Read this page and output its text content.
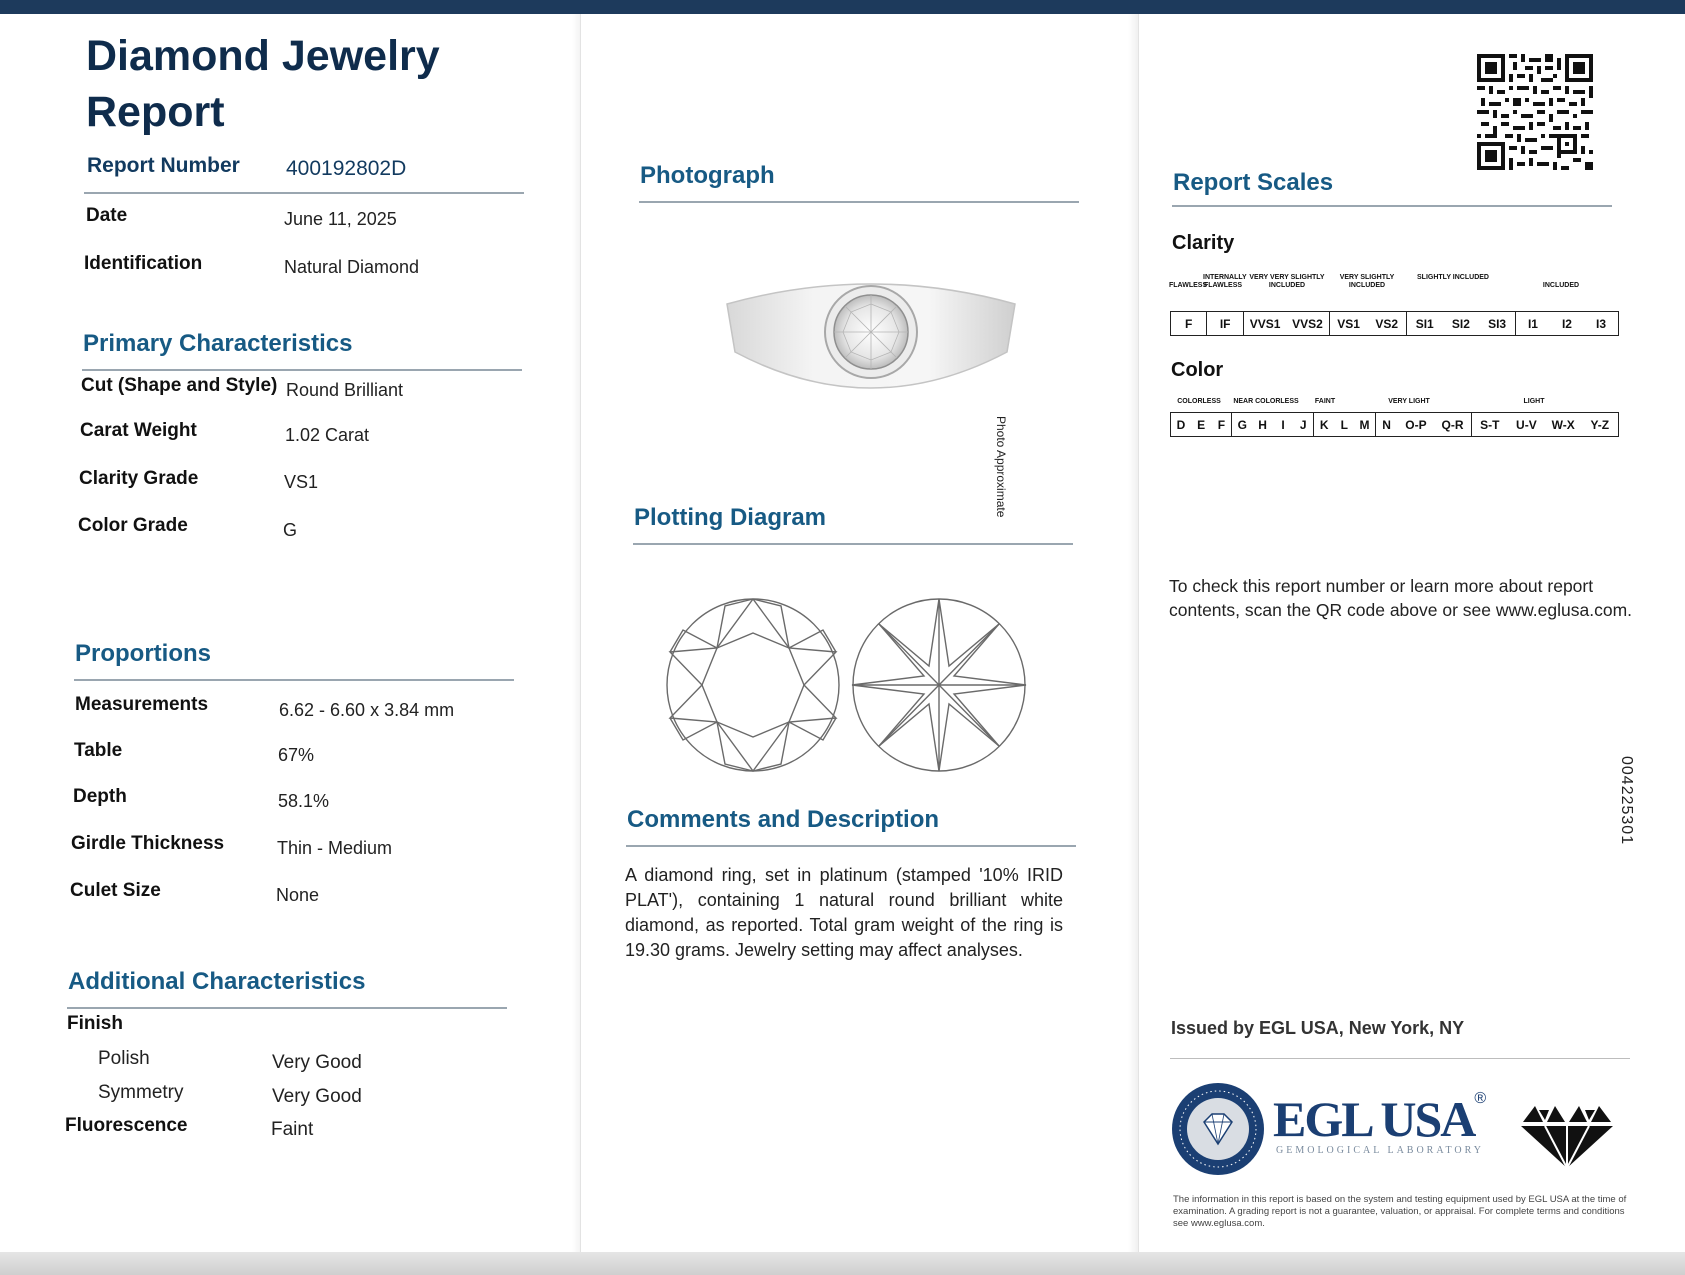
Diamond Jewelry
Report
Report Number 400192802D
Date	June 11, 2025
Identification	Natural Diamond
Primary Characteristics
Cut (Shape and Style) Round Brilliant
Carat Weight	1.02 Carat
Clarity Grade	VS1
Color Grade	G
Proportions
Measurements	6.62 - 6.60 x 3.84 mm
Table	67%
Depth	58.1%
Girdle Thickness	Thin - Medium
Culet Size	None
Additional Characteristics
Finish
Polish	Very Good
Symmetry	Very Good
Fluorescence	Faint
Photograph
Photo Approximate
Plotting Diagram
Comments and Description
A diamond ring, set in platinum (stamped '10% IRID PLAT'), containing 1 natural round brilliant white diamond, as reported. Total gram weight of the ring is 19.30 grams. Jewelry setting may affect analyses.
Report Scales
Clarity
FLAWLESS
INTERNALLY FLAWLESS
VERY VERY SLIGHTLY INCLUDED
VERY SLIGHTLY INCLUDED
SLIGHTLY INCLUDED
INCLUDED
F	IF	VVS1	VVS2	VS1	VS2	SI1	SI2	SI3	I1	I2	I3
Color
COLORLESS	NEAR COLORLESS	FAINT	VERY LIGHT	LIGHT
D	E	F	G	H	I	J	K	L	M	N	O-P	Q-R	S-T	U-V	W-X	Y-Z
To check this report number or learn more about report contents, scan the QR code above or see www.eglusa.com.
004225301
Issued by EGL USA, New York, NY
EGL USA®
GEMOLOGICAL LABORATORY
The information in this report is based on the system and testing equipment used by EGL USA at the time of examination. A grading report is not a guarantee, valuation, or appraisal. For complete terms and conditions see www.eglusa.com.
